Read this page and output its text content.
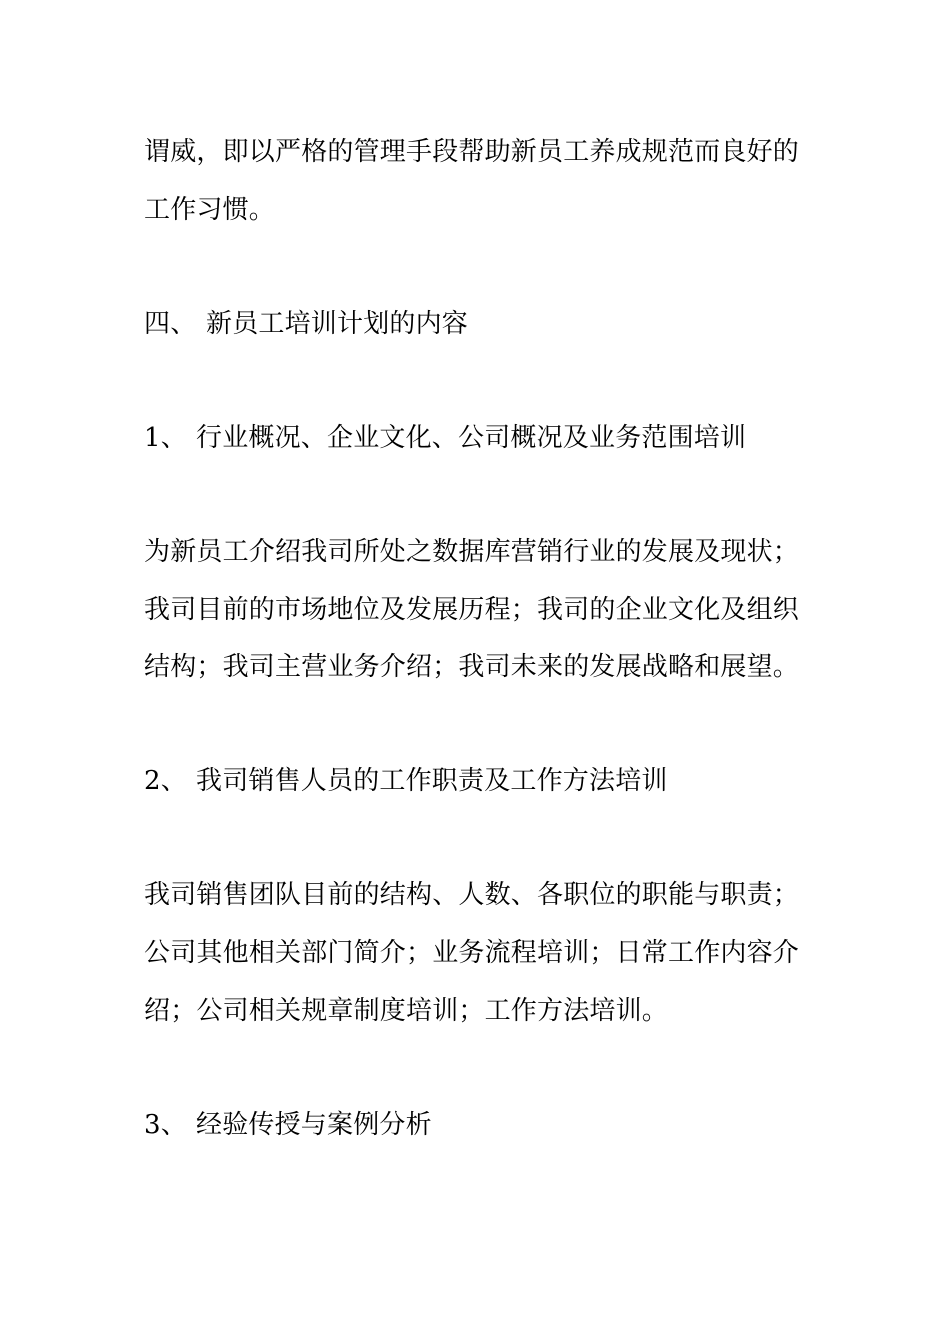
谓威，即以严格的管理手段帮助新员工养成规范而良好的
工作习惯。
四、 新员工培训计划的内容
1、 行业概况、企业文化、公司概况及业务范围培训
为新员工介绍我司所处之数据库营销行业的发展及现状；
我司目前的市场地位及发展历程；我司的企业文化及组织
结构；我司主营业务介绍；我司未来的发展战略和展望。
2、 我司销售人员的工作职责及工作方法培训
我司销售团队目前的结构、人数、各职位的职能与职责；
公司其他相关部门简介；业务流程培训；日常工作内容介
绍；公司相关规章制度培训；工作方法培训。
3、 经验传授与案例分析
